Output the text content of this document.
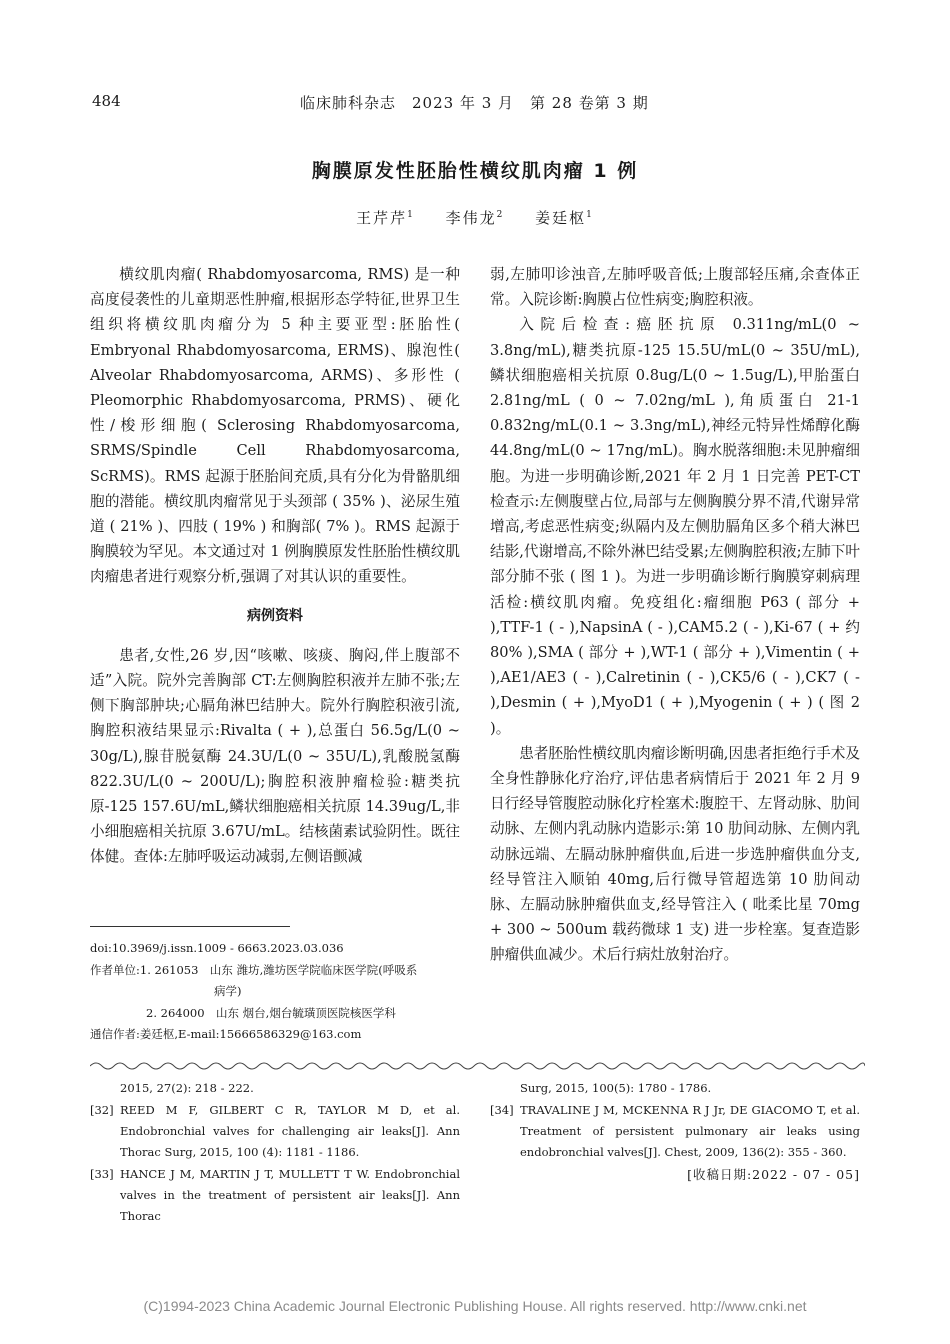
484	临床肺科杂志　2023 年 3 月　第 28 卷第 3 期
胸膜原发性胚胎性横纹肌肉瘤 1 例
王芹芹$^1$ 李伟龙$^2$ 姜廷枢$^1$

横纹肌肉瘤( Rhabdomyosarcoma, RMS) 是一种高度侵袭性的儿童期恶性肿瘤,根据形态学特征,世界卫生组织将横纹肌肉瘤分为 5 种主要亚型:胚胎性( Embryonal Rhabdomyosarcoma, ERMS)、腺泡性( Alveolar Rhabdomyosarcoma, ARMS)、多形性 ( Pleomorphic Rhabdomyosarcoma, PRMS)、硬化性/梭形细胞( Sclerosing Rhabdomyosarcoma, SRMS/Spindle Cell Rhabdomyosarcoma, ScRMS)。RMS 起源于胚胎间充质,具有分化为骨骼肌细胞的潜能。横纹肌肉瘤常见于头颈部 ( 35% )、泌尿生殖道 ( 21% )、四肢 ( 19% ) 和胸部( 7% )。RMS 起源于胸膜较为罕见。本文通过对 1 例胸膜原发性胚胎性横纹肌肉瘤患者进行观察分析,强调了对其认识的重要性。

病例资料

患者,女性,26 岁,因“咳嗽、咳痰、胸闷,伴上腹部不适”入院。院外完善胸部 CT:左侧胸腔积液并左肺不张;左侧下胸部肿块;心膈角淋巴结肿大。院外行胸腔积液引流,胸腔积液结果显示:Rivalta ( + ),总蛋白 56.5g/L(0 ~ 30g/L),腺苷脱氨酶 24.3U/L(0 ~ 35U/L),乳酸脱氢酶 822.3U/L(0 ~ 200U/L);胸腔积液肿瘤检验:糖类抗原-125 157.6U/mL,鳞状细胞癌相关抗原 14.39ug/L,非小细胞癌相关抗原 3.67U/mL。结核菌素试验阴性。既往体健。查体:左肺呼吸运动减弱,左侧语颤减

弱,左肺叩诊浊音,左肺呼吸音低;上腹部轻压痛,余查体正常。入院诊断:胸膜占位性病变;胸腔积液。

入院后检查:癌胚抗原 0.311ng/mL(0 ~ 3.8ng/mL),糖类抗原-125 15.5U/mL(0 ~ 35U/mL),鳞状细胞癌相关抗原 0.8ug/L(0 ~ 1.5ug/L),甲胎蛋白 2.81ng/mL ( 0 ~ 7.02ng/mL ),角质蛋白 21-1 0.832ng/mL(0.1 ~ 3.3ng/mL),神经元特异性烯醇化酶 44.8ng/mL(0 ~ 17ng/mL)。胸水脱落细胞:未见肿瘤细胞。为进一步明确诊断,2021 年 2 月 1 日完善 PET-CT 检查示:左侧腹壁占位,局部与左侧胸膜分界不清,代谢异常增高,考虑恶性病变;纵隔内及左侧肋膈角区多个稍大淋巴结影,代谢增高,不除外淋巴结受累;左侧胸腔积液;左肺下叶部分肺不张 ( 图 1 )。为进一步明确诊断行胸膜穿刺病理活检:横纹肌肉瘤。免疫组化:瘤细胞 P63 ( 部分 + ),TTF-1 ( - ),NapsinA ( - ),CAM5.2 ( - ),Ki-67 ( + 约 80% ),SMA ( 部分 + ),WT-1 ( 部分 + ),Vimentin ( + ),AE1/AE3 ( - ),Calretinin ( - ),CK5/6 ( - ),CK7 ( - ),Desmin ( + ),MyoD1 ( + ),Myogenin ( + ) ( 图 2 )。

患者胚胎性横纹肌肉瘤诊断明确,因患者拒绝行手术及全身性静脉化疗治疗,评估患者病情后于 2021 年 2 月 9 日行经导管腹腔动脉化疗栓塞术:腹腔干、左肾动脉、肋间动脉、左侧内乳动脉内造影示:第 10 肋间动脉、左侧内乳动脉远端、左膈动脉肿瘤供血,后进一步选肿瘤供血分支,经导管注入顺铂 40mg,后行微导管超选第 10 肋间动脉、左膈动脉肿瘤供血支,经导管注入 ( 吡柔比星 70mg + 300 ~ 500um 载药微球 1 支) 进一步栓塞。复查造影肿瘤供血减少。术后行病灶放射治疗。

doi:10.3969/j.issn.1009 - 6663.2023.03.036
作者单位:1. 261053　山东 潍坊,潍坊医学院临床医学院(呼吸系
病学)
2. 264000　山东 烟台,烟台毓璜顶医院核医学科
通信作者:姜廷枢,E-mail:15666586329@163.com
2015, 27(2): 218 - 222.
[32] REED M F, GILBERT C R, TAYLOR M D, et al. Endobronchial valves for challenging air leaks[J]. Ann Thorac Surg, 2015, 100 (4): 1181 - 1186.
[33] HANCE J M, MARTIN J T, MULLETT T W. Endobronchial valves in the treatment of persistent air leaks[J]. Ann Thorac
Surg, 2015, 100(5): 1780 - 1786.
[34] TRAVALINE J M, MCKENNA R J Jr, DE GIACOMO T, et al. Treatment of persistent pulmonary air leaks using endobronchial valves[J]. Chest, 2009, 136(2): 355 - 360.
[收稿日期:2022 - 07 - 05]
(C)1994-2023 China Academic Journal Electronic Publishing House. All rights reserved. http://www.cnki.net
